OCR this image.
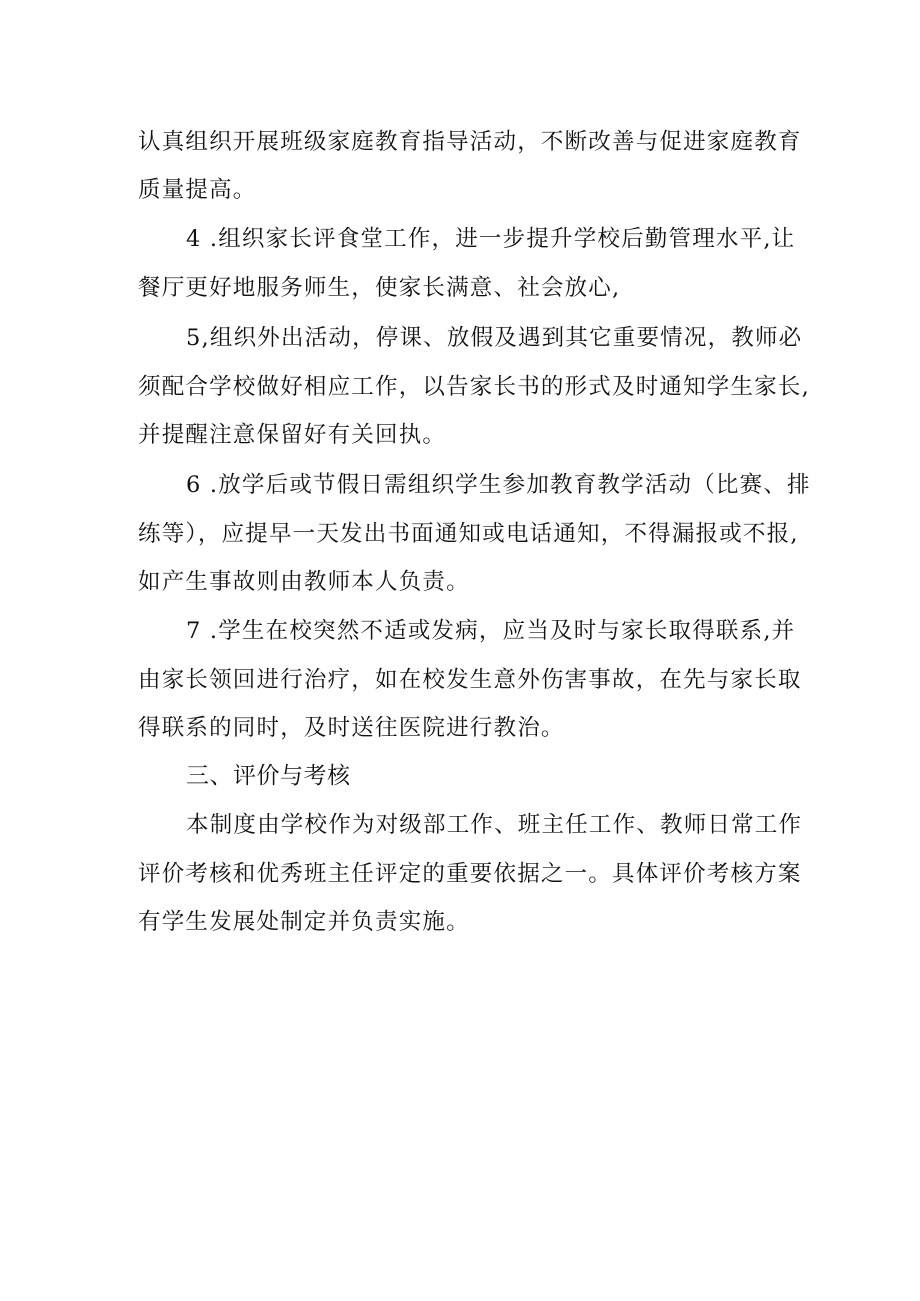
认真组织开展班级家庭教育指导活动，不断改善与促进家庭教育
质量提高。
4 .组织家长评食堂工作，进一步提升学校后勤管理水平,让
餐厅更好地服务师生，使家长满意、社会放心,
5,组织外出活动，停课、放假及遇到其它重要情况，教师必
须配合学校做好相应工作，以告家长书的形式及时通知学生家长,
并提醒注意保留好有关回执。
6 .放学后或节假日需组织学生参加教育教学活动（比赛、排
练等），应提早一天发出书面通知或电话通知，不得漏报或不报,
如产生事故则由教师本人负责。
7 .学生在校突然不适或发病，应当及时与家长取得联系,并
由家长领回进行治疗，如在校发生意外伤害事故，在先与家长取
得联系的同时，及时送往医院进行教治。
三、评价与考核
本制度由学校作为对级部工作、班主任工作、教师日常工作
评价考核和优秀班主任评定的重要依据之一。具体评价考核方案
有学生发展处制定并负责实施。
